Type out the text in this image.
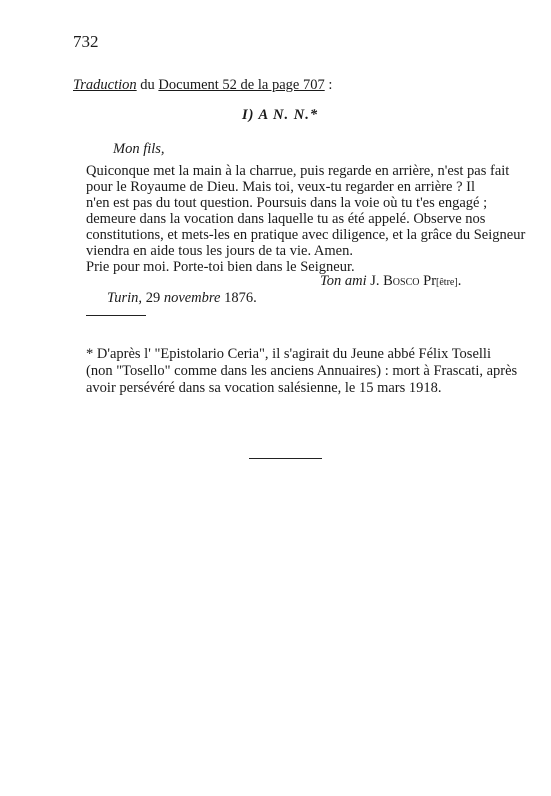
732
Traduction du Document 52 de la page 707 :
I) A N. N.*
Mon fils,
Quiconque met la main à la charrue, puis regarde en arrière, n'est pas fait
pour le Royaume de Dieu. Mais toi, veux-tu regarder en arrière ? Il
n'en est pas du tout question. Poursuis dans la voie où tu t'es engagé ;
demeure dans la vocation dans laquelle tu as été appelé. Observe nos
constitutions, et mets-les en pratique avec diligence, et la grâce du Seigneur
viendra en aide tous les jours de ta vie. Amen.
Prie pour moi. Porte-toi bien dans le Seigneur.
Turin, 29 novembre 1876.
Ton ami J. Bosco Pr[être].
* D'après l' "Epistolario Ceria", il s'agirait du Jeune abbé Félix Toselli
(non "Tosello" comme dans les anciens Annuaires) : mort à Frascati, après
avoir persévéré dans sa vocation salésienne, le 15 mars 1918.
